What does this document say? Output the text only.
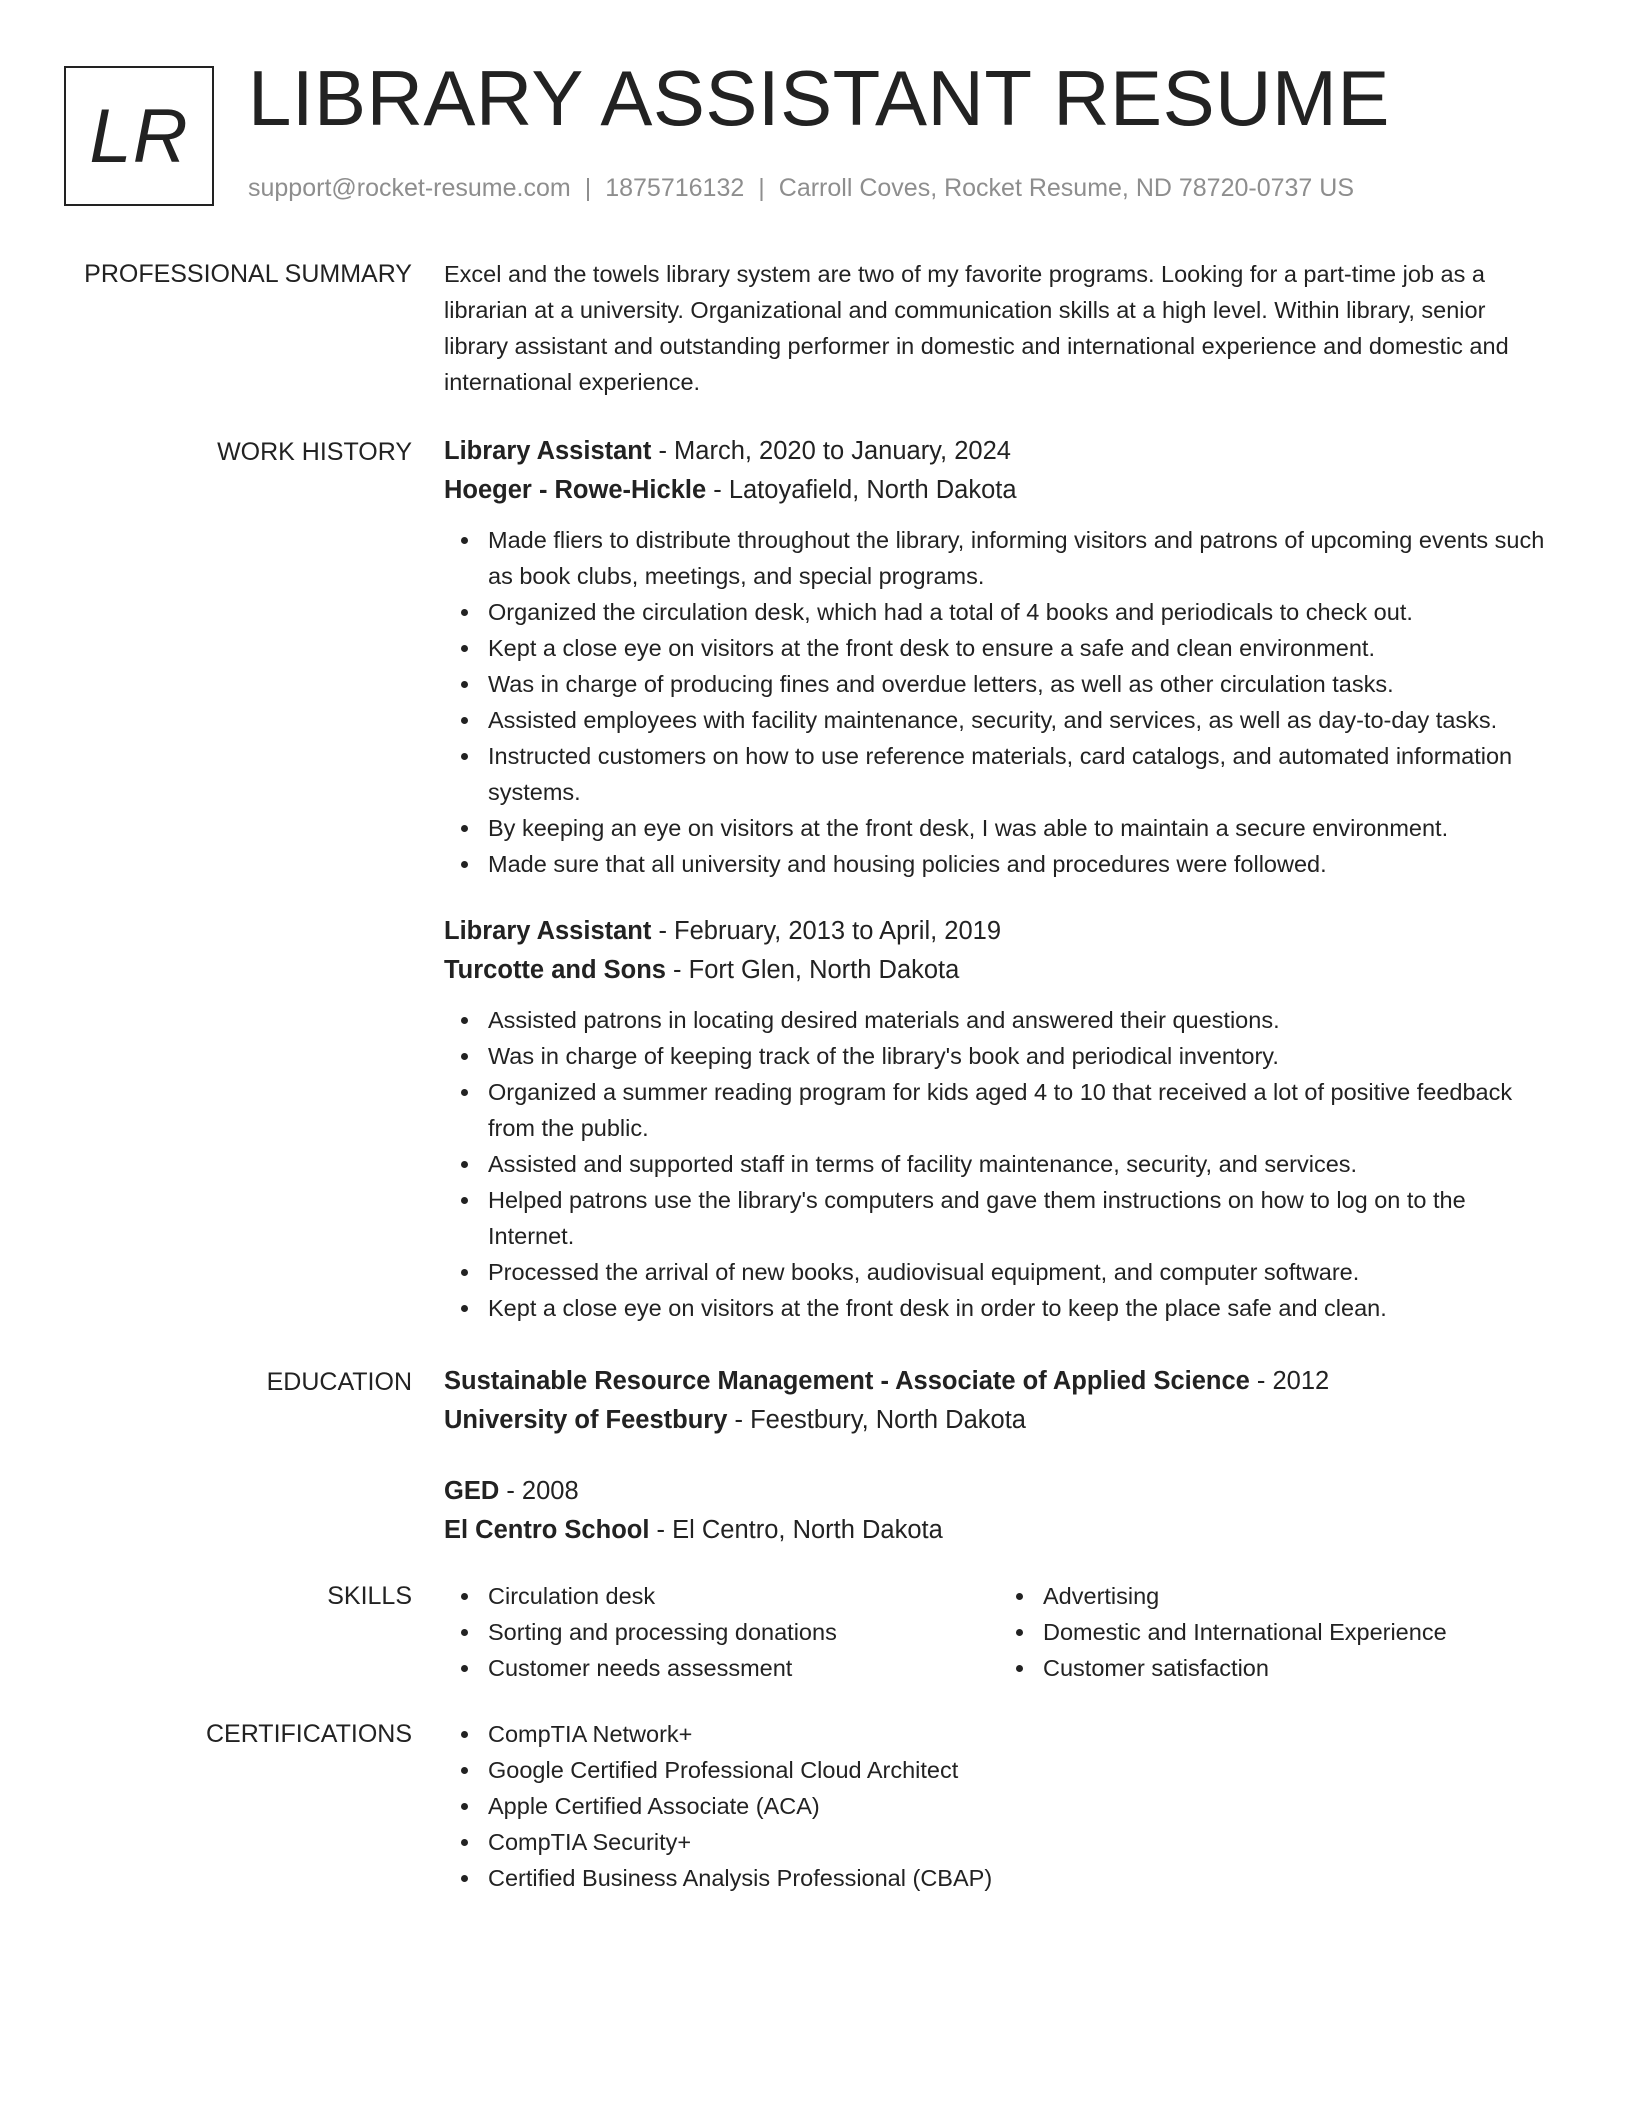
LR LIBRARY ASSISTANT RESUME
support@rocket-resume.com | 1875716132 | Carroll Coves, Rocket Resume, ND 78720-0737 US
PROFESSIONAL SUMMARY Excel and the towels library system are two of my favorite programs. Looking for a part-time job as a librarian at a university. Organizational and communication skills at a high level. Within library, senior library assistant and outstanding performer in domestic and international experience and domestic and international experience.

WORK HISTORY Library Assistant - March, 2020 to January, 2024

Hoeger - Rowe-Hickle - Latoyafield, North Dakota

Made fliers to distribute throughout the library, informing visitors and patrons of upcoming events such as book clubs, meetings, and special programs.
Organized the circulation desk, which had a total of 4 books and periodicals to check out.
Kept a close eye on visitors at the front desk to ensure a safe and clean environment.
Was in charge of producing fines and overdue letters, as well as other circulation tasks.
Assisted employees with facility maintenance, security, and services, as well as day-to-day tasks.
Instructed customers on how to use reference materials, card catalogs, and automated information systems.
By keeping an eye on visitors at the front desk, I was able to maintain a secure environment.
Made sure that all university and housing policies and procedures were followed.

Library Assistant - February, 2013 to April, 2019

Turcotte and Sons - Fort Glen, North Dakota

Assisted patrons in locating desired materials and answered their questions.
Was in charge of keeping track of the library's book and periodical inventory.
Organized a summer reading program for kids aged 4 to 10 that received a lot of positive feedback from the public.
Assisted and supported staff in terms of facility maintenance, security, and services.
Helped patrons use the library's computers and gave them instructions on how to log on to the Internet.
Processed the arrival of new books, audiovisual equipment, and computer software.
Kept a close eye on visitors at the front desk in order to keep the place safe and clean.
EDUCATION Sustainable Resource Management - Associate of Applied Science - 2012

University of Feestbury - Feestbury, North Dakota

GED - 2008

El Centro School - El Centro, North Dakota

SKILLS	Circulation desk
Sorting and processing donations
Customer needs assessment
Advertising
Domestic and International Experience
Customer satisfaction
CERTIFICATIONS	CompTIA Network+
Google Certified Professional Cloud Architect
Apple Certified Associate (ACA)
CompTIA Security+
Certified Business Analysis Professional (CBAP)
